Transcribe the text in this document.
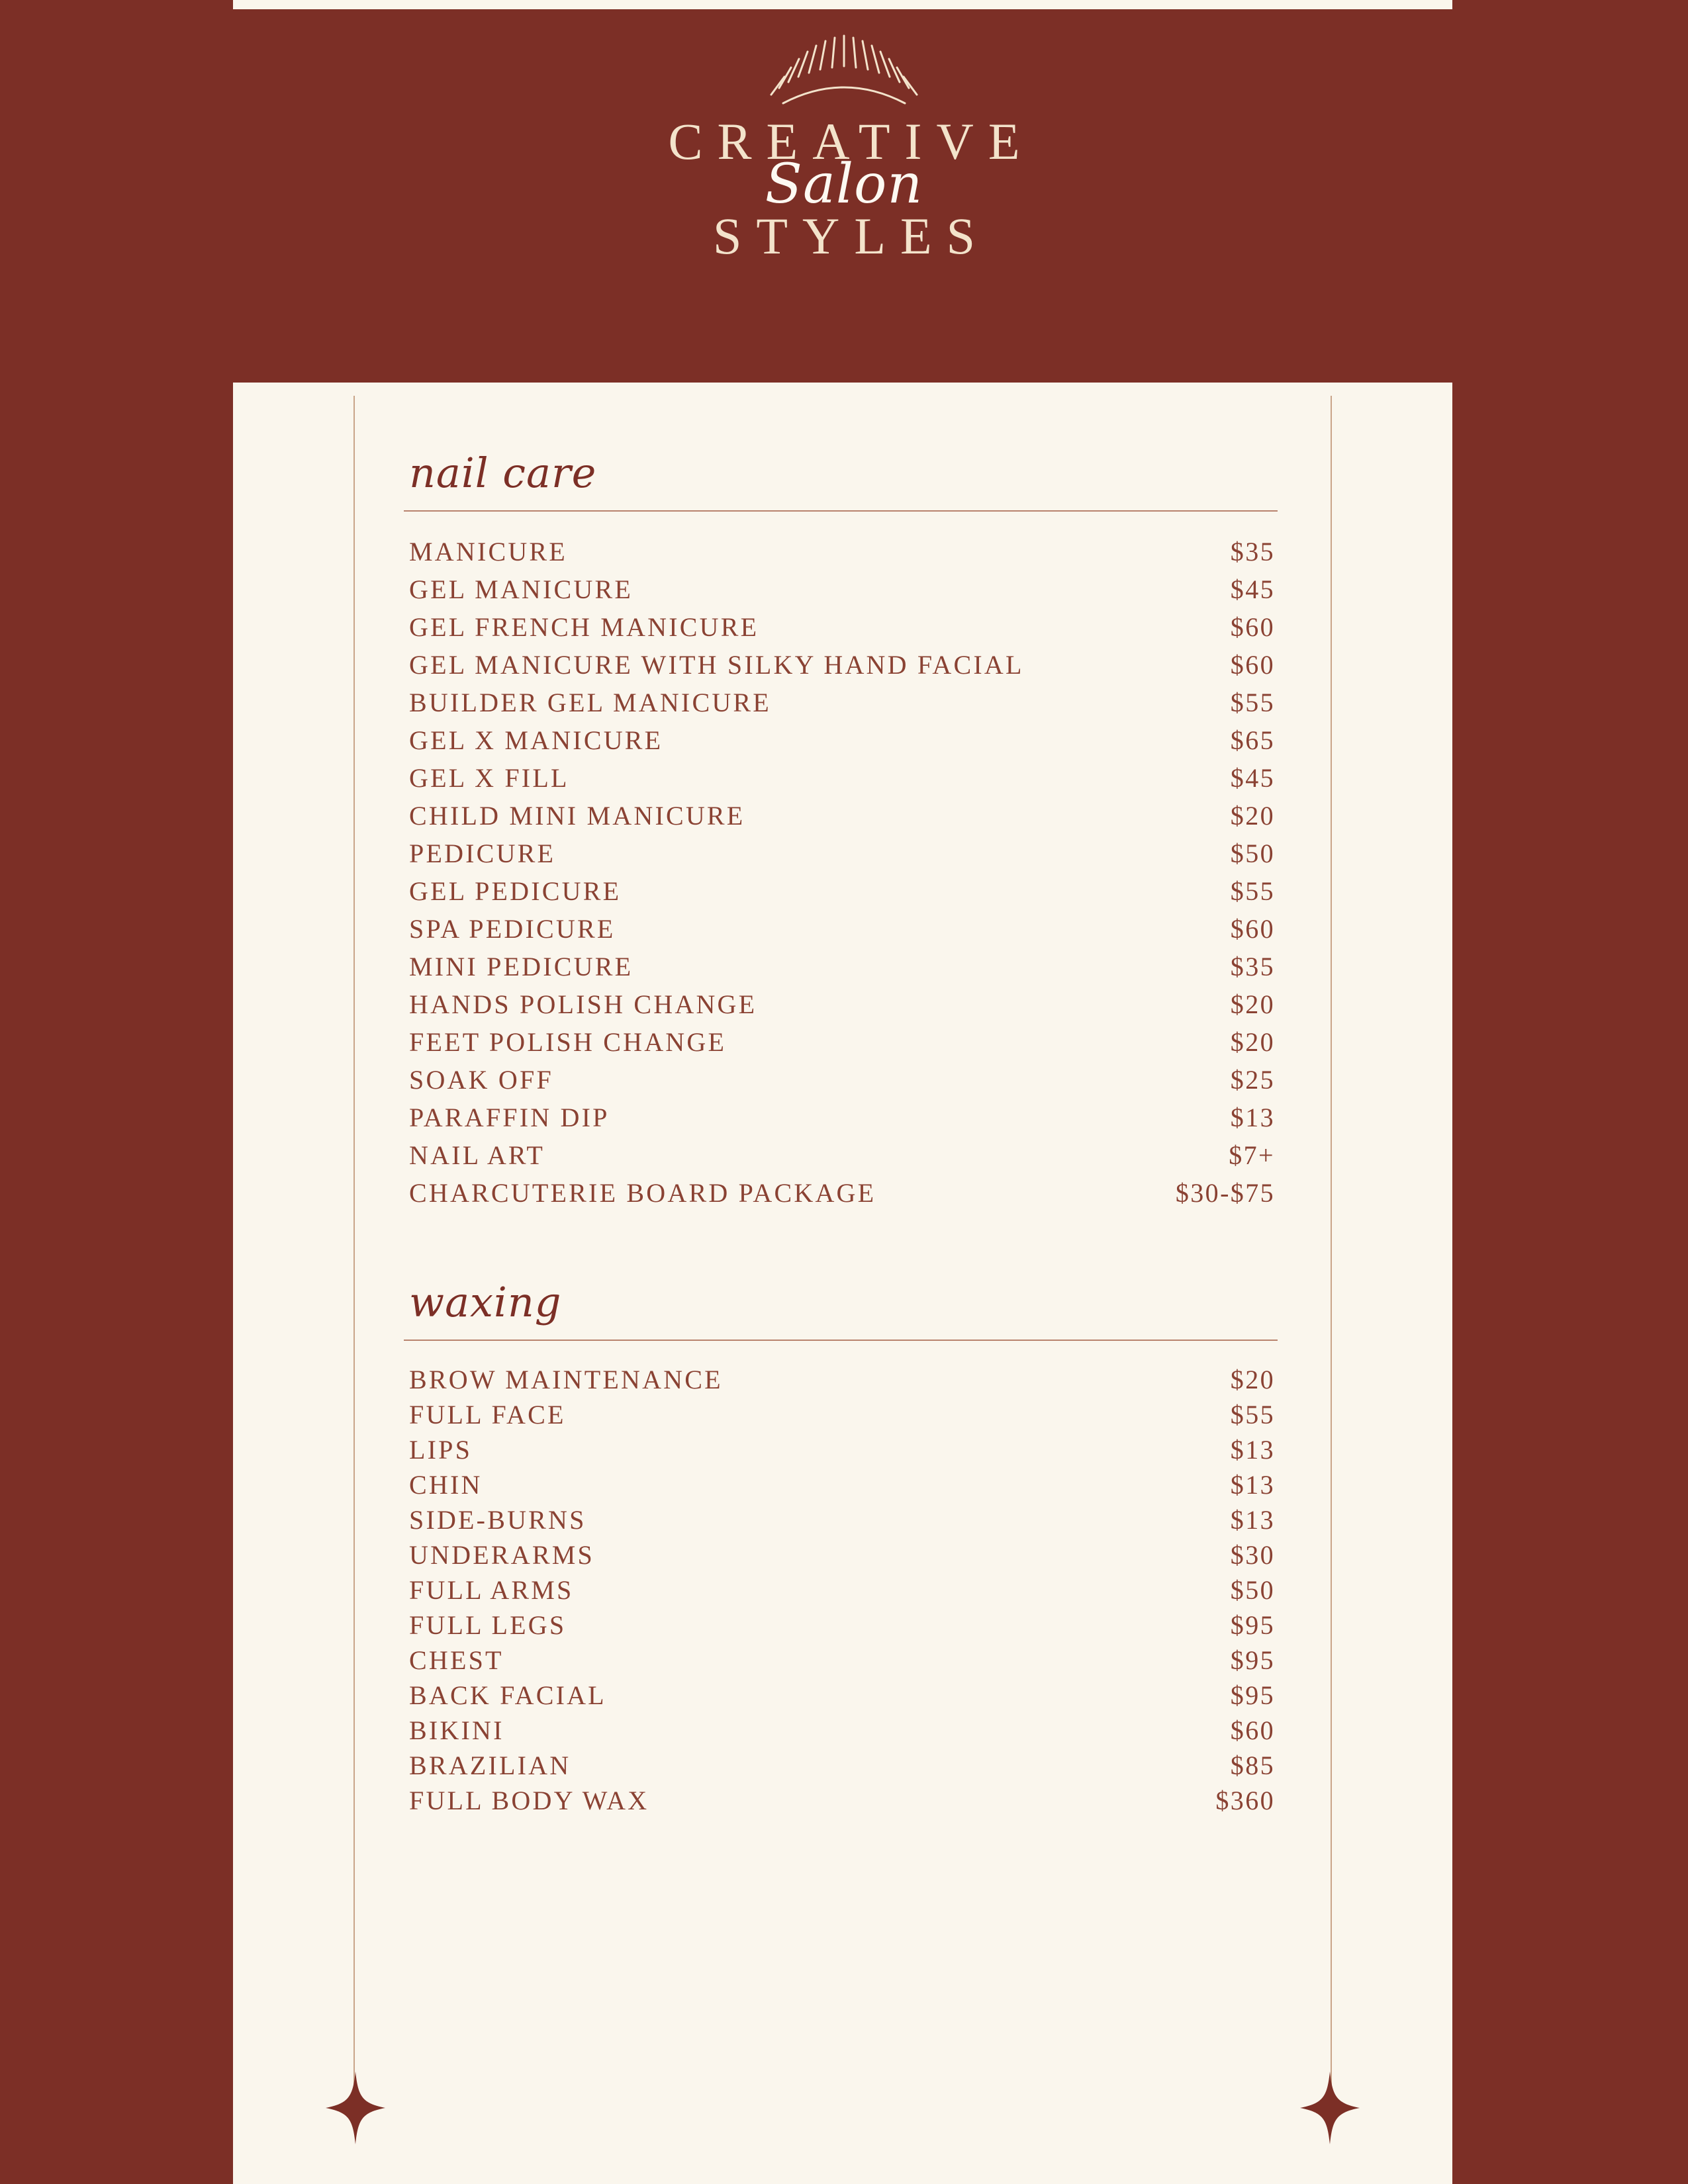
CREATIVE
Salon
STYLES
nail care
MANICURE	$35
GEL MANICURE	$45
GEL FRENCH MANICURE	$60
GEL MANICURE WITH SILKY HAND FACIAL	$60
BUILDER GEL MANICURE	$55
GEL X MANICURE	$65
GEL X FILL	$45
CHILD MINI MANICURE	$20
PEDICURE	$50
GEL PEDICURE	$55
SPA PEDICURE	$60
MINI PEDICURE	$35
HANDS POLISH CHANGE	$20
FEET POLISH CHANGE	$20
SOAK OFF	$25
PARAFFIN DIP	$13
NAIL ART	$7+
CHARCUTERIE BOARD PACKAGE	$30-$75
waxing
BROW MAINTENANCE	$20
FULL FACE	$55
LIPS	$13
CHIN	$13
SIDE-BURNS	$13
UNDERARMS	$30
FULL ARMS	$50
FULL LEGS	$95
CHEST	$95
BACK FACIAL	$95
BIKINI	$60
BRAZILIAN	$85
FULL BODY WAX	$360
